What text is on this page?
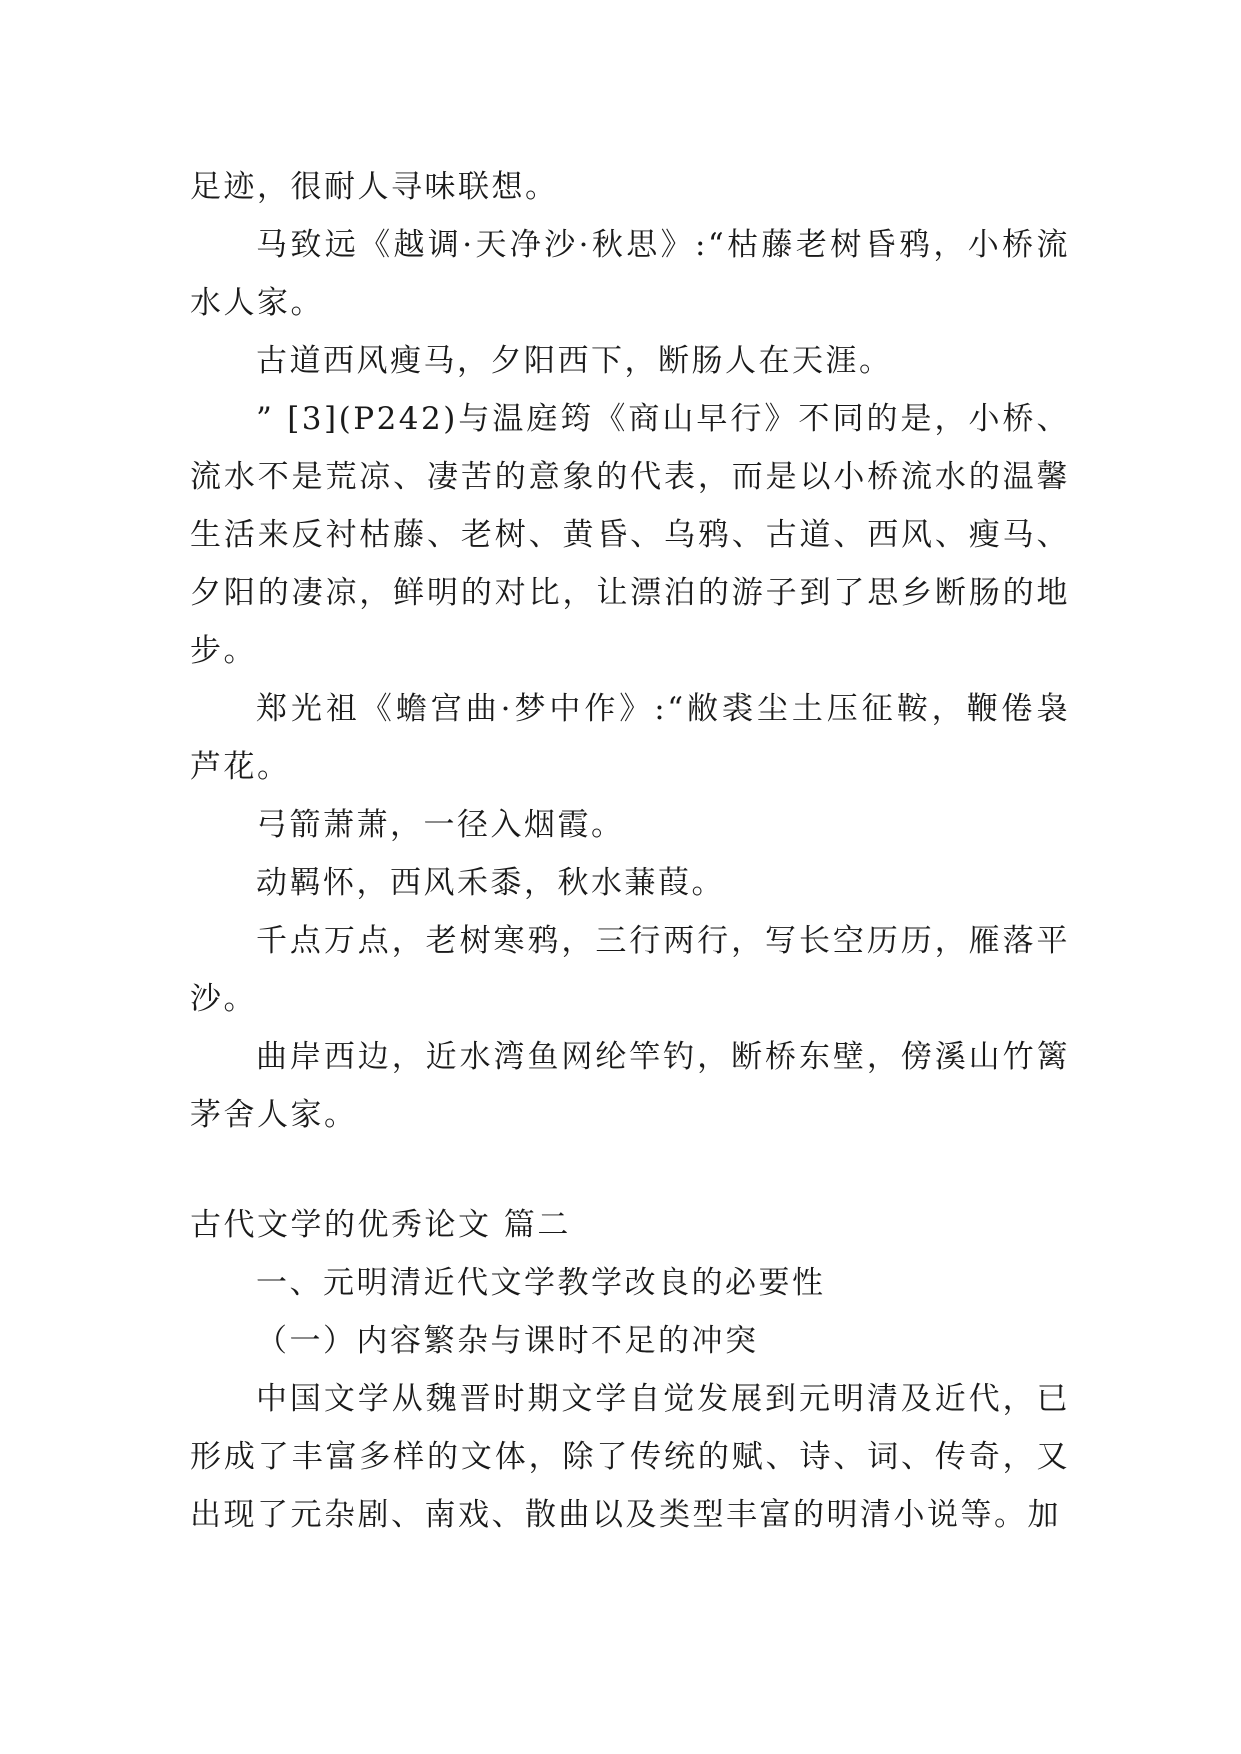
足迹，很耐人寻味联想。

马致远《越调·天净沙·秋思》:“枯藤老树昏鸦，小桥流水人家。

古道西风瘦马，夕阳西下，断肠人在天涯。

” [3](P242)与温庭筠《商山早行》不同的是，小桥、流水不是荒凉、凄苦的意象的代表，而是以小桥流水的温馨生活来反衬枯藤、老树、黄昏、乌鸦、古道、西风、瘦马、夕阳的凄凉，鲜明的对比，让漂泊的游子到了思乡断肠的地步。

郑光祖《蟾宫曲·梦中作》:“敝裘尘土压征鞍，鞭倦袅芦花。

弓箭萧萧，一径入烟霞。

动羁怀，西风禾黍，秋水蒹葭。

千点万点，老树寒鸦，三行两行，写长空历历，雁落平沙。

曲岸西边，近水湾鱼网纶竿钓，断桥东壁，傍溪山竹篱茅舍人家。

古代文学的优秀论文 篇二

一、元明清近代文学教学改良的必要性

（一）内容繁杂与课时不足的冲突

中国文学从魏晋时期文学自觉发展到元明清及近代，已形成了丰富多样的文体，除了传统的赋、诗、词、传奇，又出现了元杂剧、南戏、散曲以及类型丰富的明清小说等。加
